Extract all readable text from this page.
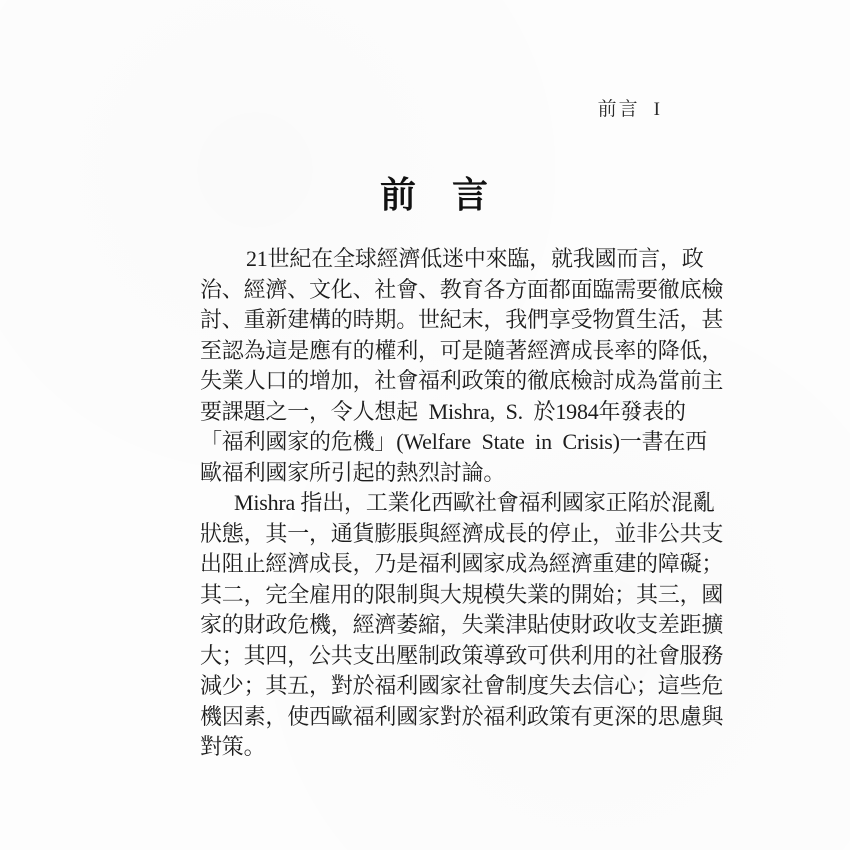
前言 I
前　言
21世紀在全球經濟低迷中來臨，就我國而言，政
治、經濟、文化、社會、教育各方面都面臨需要徹底檢
討、重新建構的時期。世紀末，我們享受物質生活，甚
至認為這是應有的權利，可是隨著經濟成長率的降低，
失業人口的增加，社會福利政策的徹底檢討成為當前主
要課題之一，令人想起  Mishra,  S.  於1984年發表的
「福利國家的危機」(Welfare  State  in  Crisis)一書在西
歐福利國家所引起的熱烈討論。
Mishra 指出，工業化西歐社會福利國家正陷於混亂
狀態，其一，通貨膨脹與經濟成長的停止，並非公共支
出阻止經濟成長，乃是福利國家成為經濟重建的障礙；
其二，完全雇用的限制與大規模失業的開始；其三，國
家的財政危機，經濟萎縮，失業津貼使財政收支差距擴
大；其四，公共支出壓制政策導致可供利用的社會服務
減少；其五，對於福利國家社會制度失去信心；這些危
機因素，使西歐福利國家對於福利政策有更深的思慮與
對策。
